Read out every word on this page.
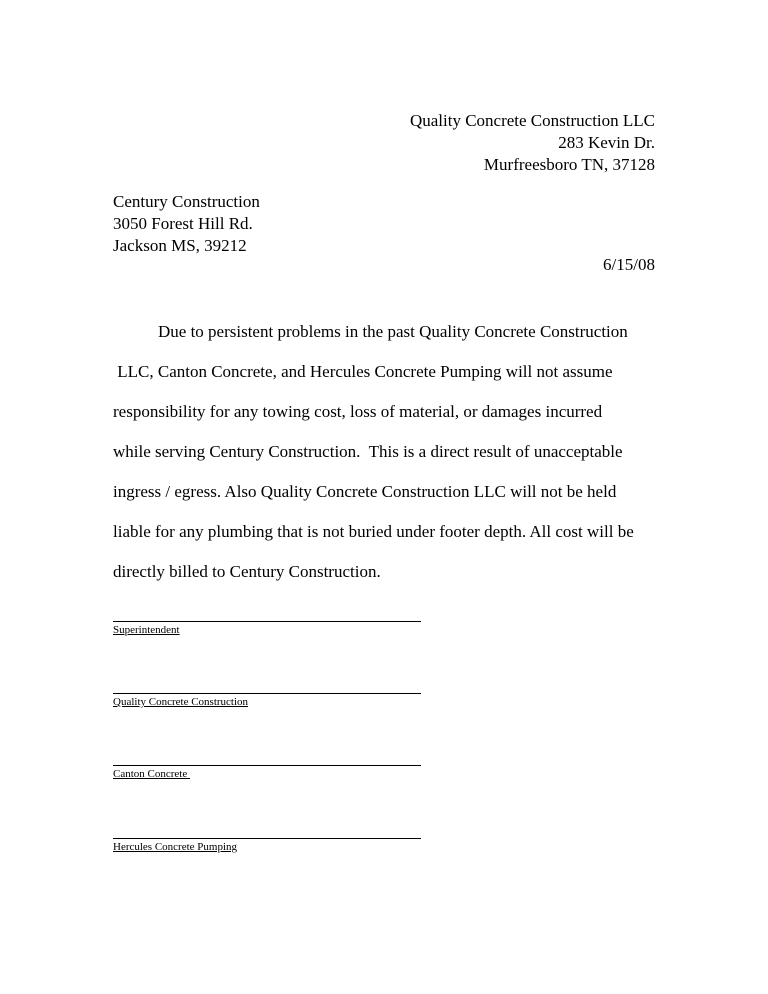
Quality Concrete Construction LLC
283 Kevin Dr.
Murfreesboro TN, 37128
Century Construction
3050 Forest Hill Rd.
Jackson MS, 39212
6/15/08
Due to persistent problems in the past Quality Concrete Construction
LLC, Canton Concrete, and Hercules Concrete Pumping will not assume
responsibility for any towing cost, loss of material, or damages incurred
while serving Century Construction.  This is a direct result of unacceptable
ingress / egress. Also Quality Concrete Construction LLC will not be held
liable for any plumbing that is not buried under footer depth. All cost will be
directly billed to Century Construction.
Superintendent
Quality Concrete Construction
Canton Concrete
Hercules Concrete Pumping
